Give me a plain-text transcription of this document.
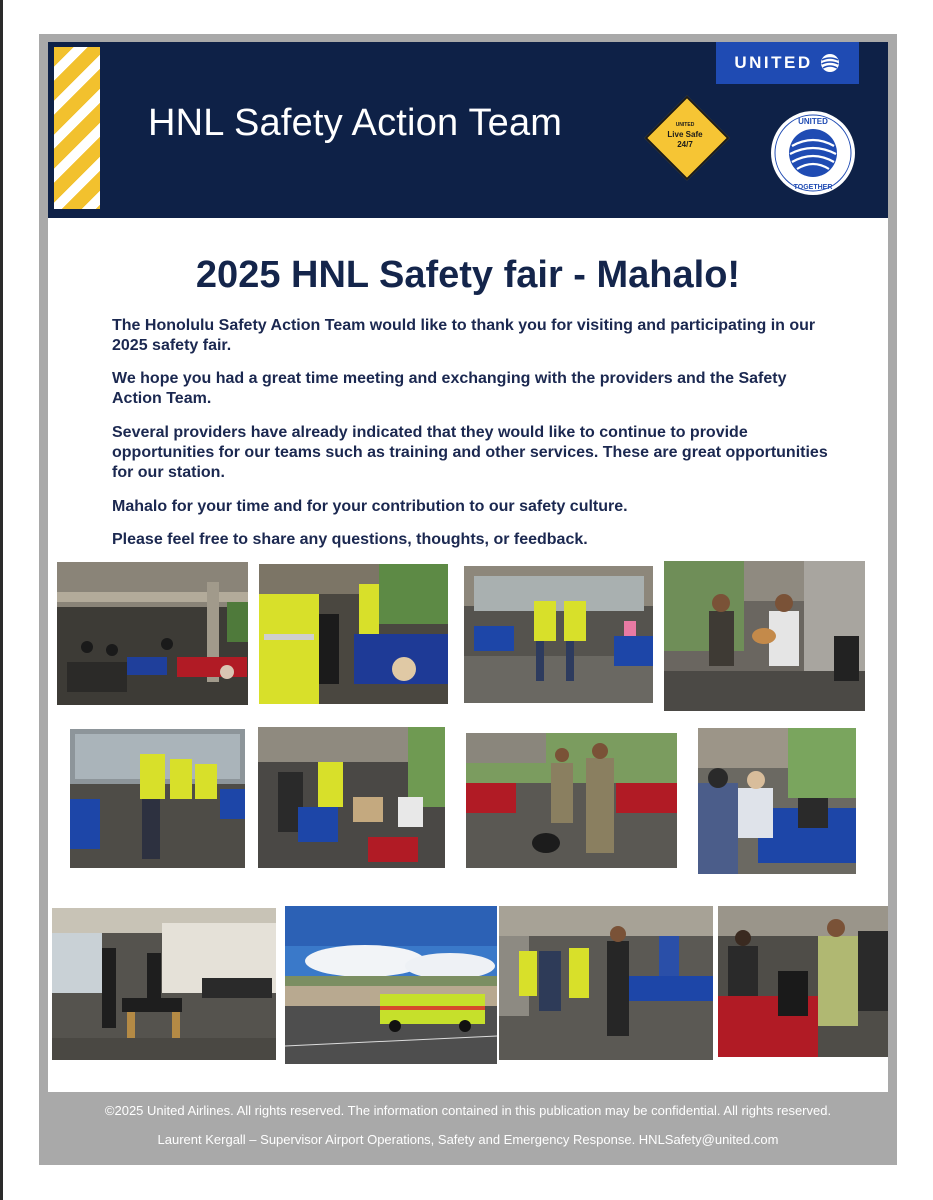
HNL Safety Action Team
UNITED
UNITED
Live Safe
24/7
UNITED
TOGETHER
2025 HNL Safety fair - Mahalo!
The Honolulu Safety Action Team would like to thank you for visiting and participating in our 2025 safety fair.
We hope you had a great time meeting and exchanging with the providers and the Safety Action Team.
Several providers have already indicated that they would like to continue to provide opportunities for our teams such as training and other services. These are great opportunities for our station.
Mahalo for your time and for your contribution to our safety culture.
Please feel free to share any questions, thoughts, or feedback.
©2025 United Airlines. All rights reserved. The information contained in this publication may be confidential. All rights reserved.
Laurent Kergall – Supervisor Airport Operations, Safety and Emergency Response. HNLSafety@united.com
